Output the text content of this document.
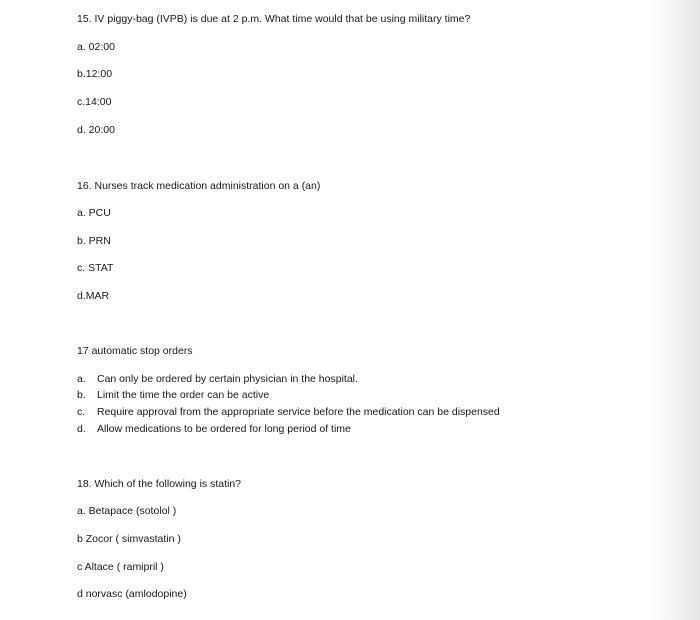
15. IV piggy-bag (IVPB) is due at 2 p.m. What time would that be using military time?
a. 02:00
b.12:00
c.14:00
d. 20:00
16. Nurses track medication administration on a (an)
a. PCU
b. PRN
c. STAT
d.MAR
17 automatic stop orders
a. Can only be ordered by certain physician in the hospital.
b. Limit the time the order can be active
c. Require approval from the appropriate service before the medication can be dispensed
d. Allow medications to be ordered for long period of time
18. Which of the following is statin?
a. Betapace (sotolol )
b Zocor ( simvastatin )
c Altace ( ramipril )
d norvasc (amlodopine)
